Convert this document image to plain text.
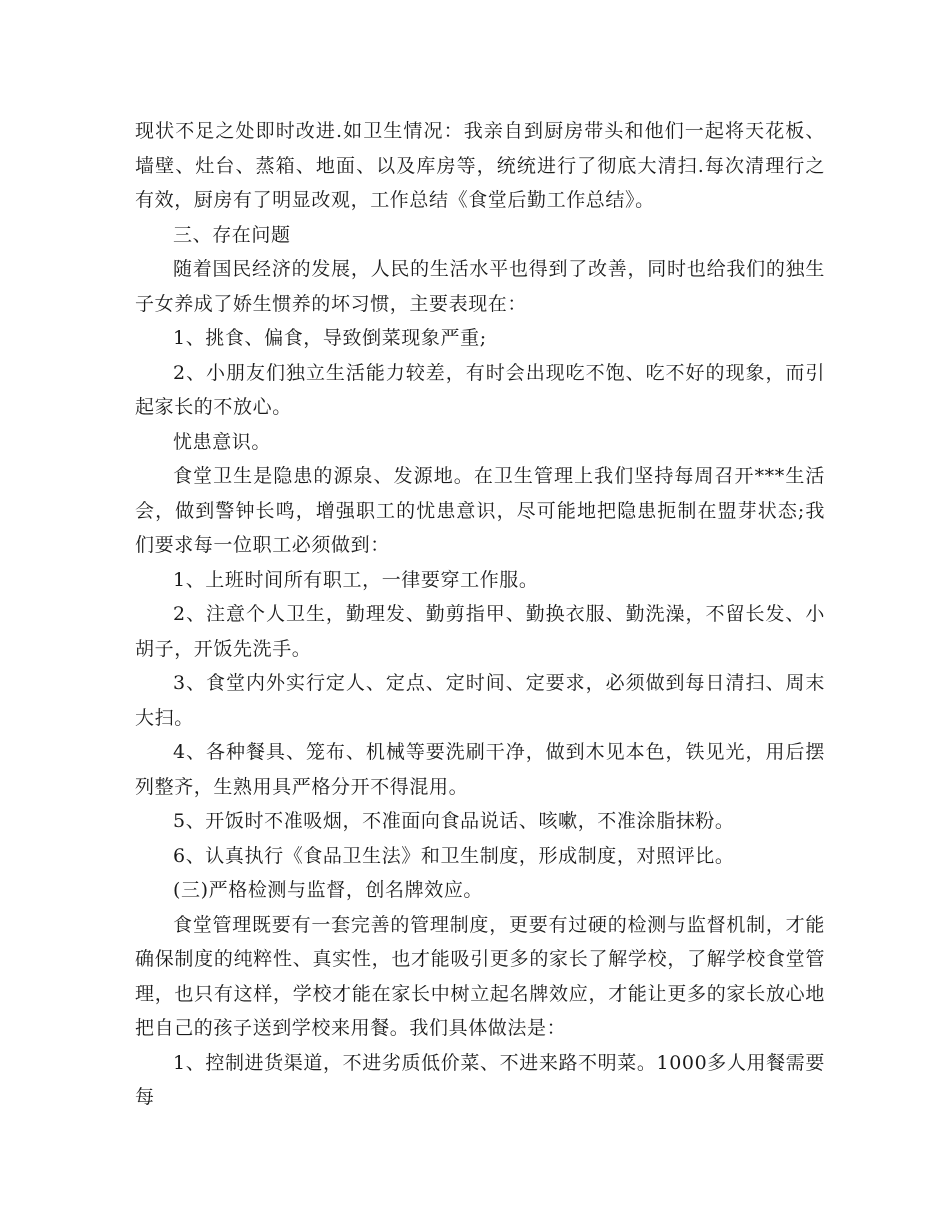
现状不足之处即时改进.如卫生情况：我亲自到厨房带头和他们一起将天花板、墙壁、灶台、蒸箱、地面、以及库房等，统统进行了彻底大清扫.每次清理行之有效，厨房有了明显改观，工作总结《食堂后勤工作总结》。

三、存在问题

随着国民经济的发展，人民的生活水平也得到了改善，同时也给我们的独生子女养成了娇生惯养的坏习惯，主要表现在：

1、挑食、偏食，导致倒菜现象严重;

2、小朋友们独立生活能力较差，有时会出现吃不饱、吃不好的现象，而引起家长的不放心。

忧患意识。

食堂卫生是隐患的源泉、发源地。在卫生管理上我们坚持每周召开***生活会，做到警钟长鸣，增强职工的忧患意识，尽可能地把隐患扼制在盟芽状态;我们要求每一位职工必须做到：

1、上班时间所有职工，一律要穿工作服。

2、注意个人卫生，勤理发、勤剪指甲、勤换衣服、勤洗澡，不留长发、小胡子，开饭先洗手。

3、食堂内外实行定人、定点、定时间、定要求，必须做到每日清扫、周末大扫。

4、各种餐具、笼布、机械等要洗刷干净，做到木见本色，铁见光，用后摆列整齐，生熟用具严格分开不得混用。

5、开饭时不准吸烟，不准面向食品说话、咳嗽，不准涂脂抹粉。

6、认真执行《食品卫生法》和卫生制度，形成制度，对照评比。

(三)严格检测与监督，创名牌效应。

食堂管理既要有一套完善的管理制度，更要有过硬的检测与监督机制，才能确保制度的纯粹性、真实性，也才能吸引更多的家长了解学校，了解学校食堂管理，也只有这样，学校才能在家长中树立起名牌效应，才能让更多的家长放心地把自己的孩子送到学校来用餐。我们具体做法是：

1、控制进货渠道，不进劣质低价菜、不进来路不明菜。1000多人用餐需要每
